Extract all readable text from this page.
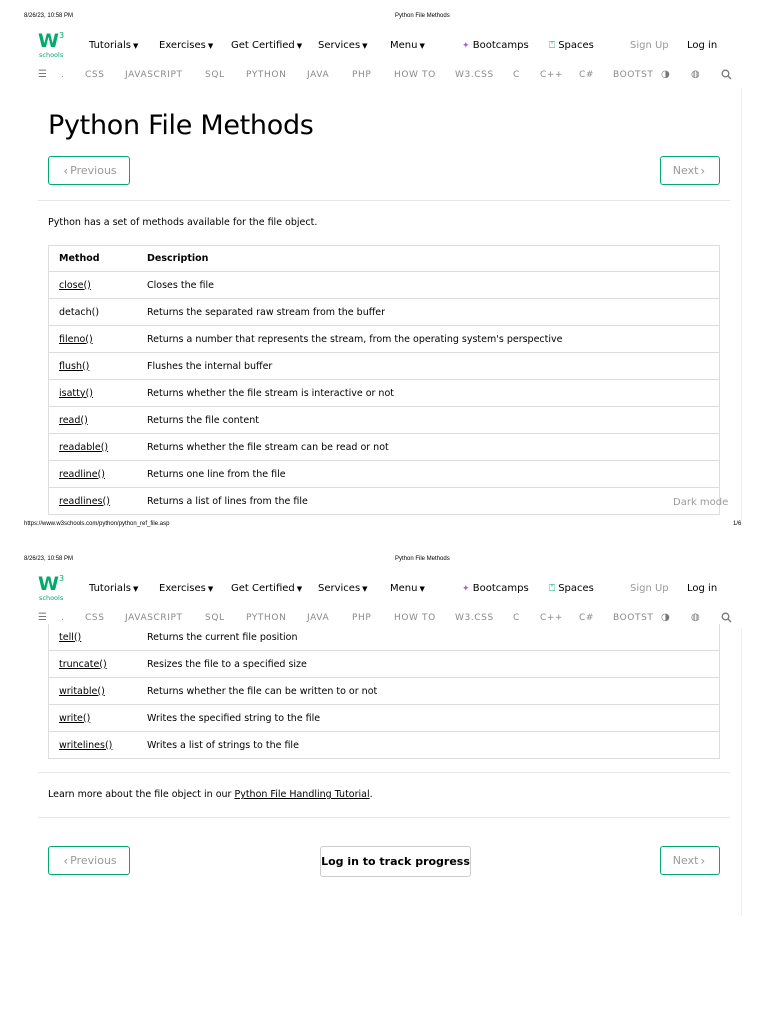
8/26/23, 10:58 PM	Python File Methods
W 3
schools
Tutorials ▼ Exercises ▼ Get Certified ▼ Services ▼ Menu ▼	✦ Bootcamps ⍞ Spaces	Sign Up Log in
☰ . CSS JAVASCRIPT SQL PYTHON JAVA	PHP	HOW TO W3.CSS C C++ C# BOOTST ◑ ◍
Python File Methods
‹ Previous	Next ›
Python has a set of methods available for the file object.
Method	Description
close()	Closes the file
detach()	Returns the separated raw stream from the buffer
fileno()	Returns a number that represents the stream, from the operating system's perspective
flush()	Flushes the internal buffer
isatty()	Returns whether the file stream is interactive or not
read()	Returns the file content
readable()	Returns whether the file stream can be read or not
readline()	Returns one line from the file
readlines()	Returns a list of lines from the file	Dark mode
https://www.w3schools.com/python/python_ref_file.asp	1/6
8/26/23, 10:58 PM	Python File Methods
W 3
schools
Tutorials ▼ Exercises ▼ Get Certified ▼ Services ▼ Menu ▼	✦ Bootcamps ⍞ Spaces	Sign Up Log in
☰ . CSS JAVASCRIPT SQL PYTHON JAVA	PHP	HOW TO W3.CSS C C++ C# BOOTST ◑ ◍
tell()	Returns the current file position
truncate()	Resizes the file to a specified size
writable()	Returns whether the file can be written to or not
write()	Writes the specified string to the file
writelines()	Writes a list of strings to the file
Learn more about the file object in our Python File Handling Tutorial.
‹ Previous	Log in to track progress	Next ›
